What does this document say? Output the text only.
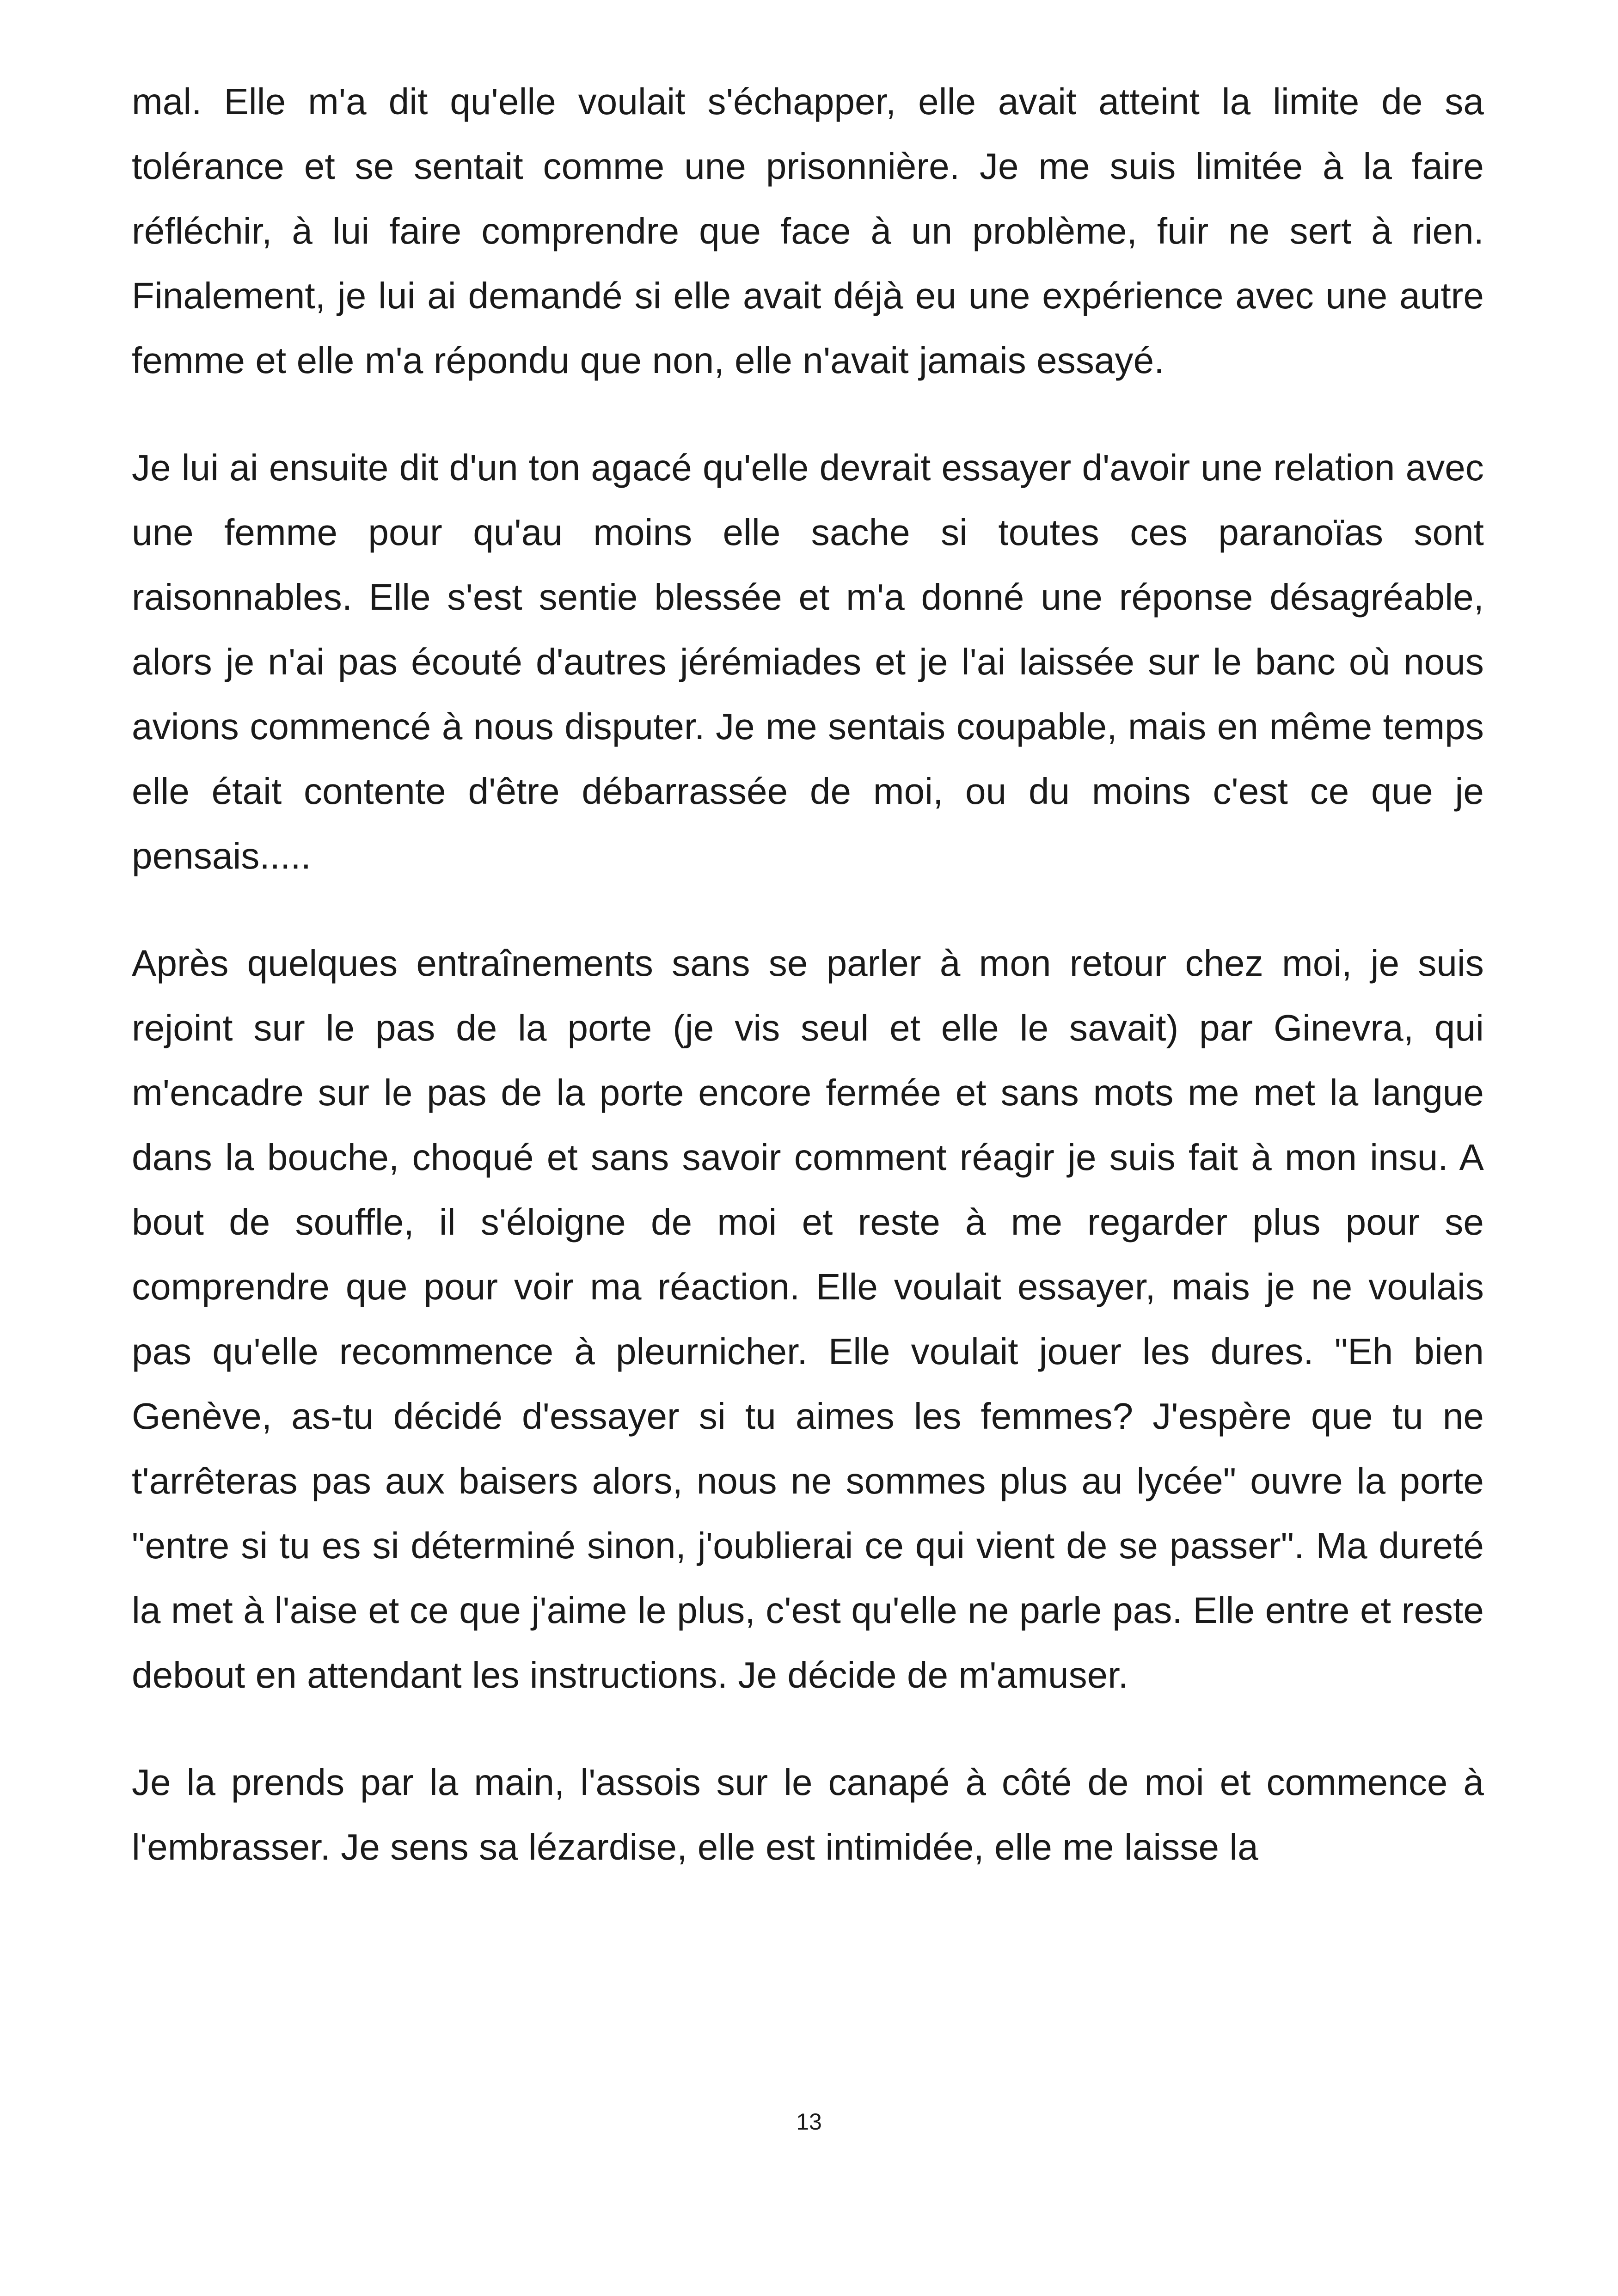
mal. Elle m'a dit qu'elle voulait s'échapper, elle avait atteint la limite de sa tolérance et se sentait comme une prisonnière. Je me suis limitée à la faire réfléchir, à lui faire comprendre que face à un problème, fuir ne sert à rien. Finalement, je lui ai demandé si elle avait déjà eu une expérience avec une autre femme et elle m'a répondu que non, elle n'avait jamais essayé.

Je lui ai ensuite dit d'un ton agacé qu'elle devrait essayer d'avoir une relation avec une femme pour qu'au moins elle sache si toutes ces paranoïas sont raisonnables. Elle s'est sentie blessée et m'a donné une réponse désagréable, alors je n'ai pas écouté d'autres jérémiades et je l'ai laissée sur le banc où nous avions commencé à nous disputer. Je me sentais coupable, mais en même temps elle était contente d'être débarrassée de moi, ou du moins c'est ce que je pensais.....

Après quelques entraînements sans se parler à mon retour chez moi, je suis rejoint sur le pas de la porte (je vis seul et elle le savait) par Ginevra, qui m'encadre sur le pas de la porte encore fermée et sans mots me met la langue dans la bouche, choqué et sans savoir comment réagir je suis fait à mon insu. A bout de souffle, il s'éloigne de moi et reste à me regarder plus pour se comprendre que pour voir ma réaction. Elle voulait essayer, mais je ne voulais pas qu'elle recommence à pleurnicher. Elle voulait jouer les dures. "Eh bien Genève, as-tu décidé d'essayer si tu aimes les femmes? J'espère que tu ne t'arrêteras pas aux baisers alors, nous ne sommes plus au lycée" ouvre la porte "entre si tu es si déterminé sinon, j'oublierai ce qui vient de se passer". Ma dureté la met à l'aise et ce que j'aime le plus, c'est qu'elle ne parle pas. Elle entre et reste debout en attendant les instructions. Je décide de m'amuser.

Je la prends par la main, l'assois sur le canapé à côté de moi et commence à l'embrasser. Je sens sa lézardise, elle est intimidée, elle me laisse la

13
